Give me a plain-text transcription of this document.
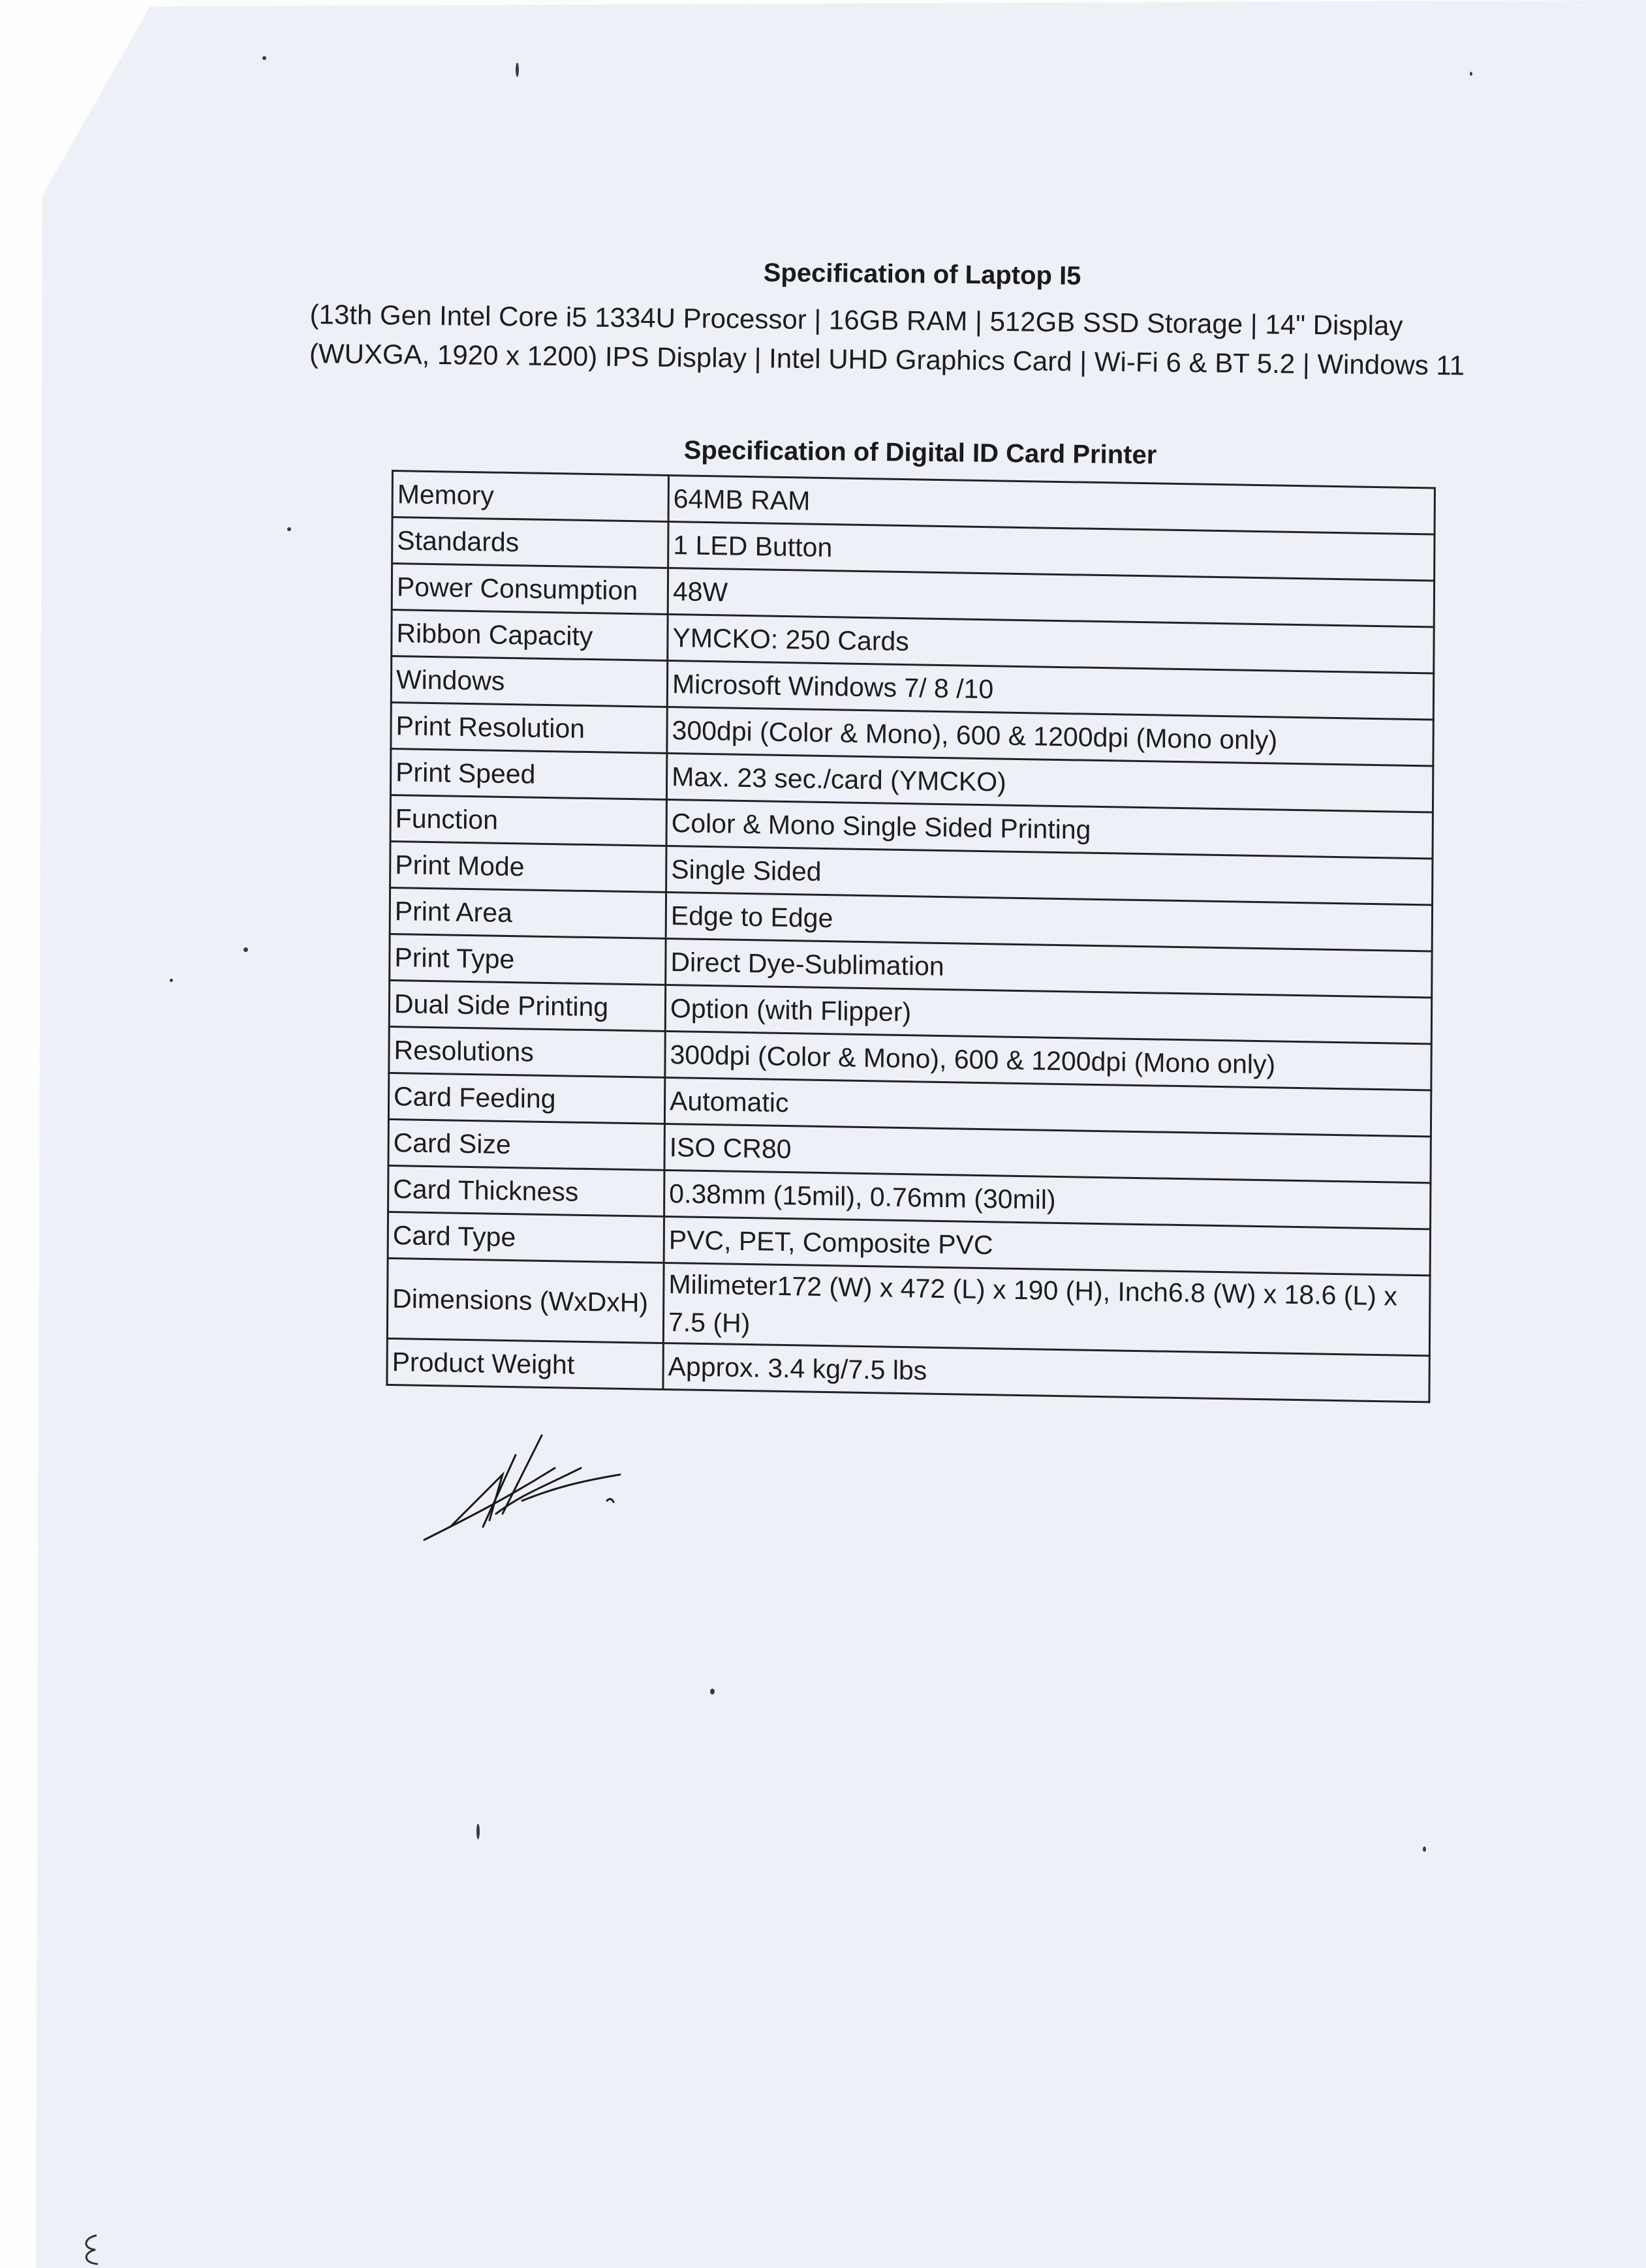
Specification of Laptop I5
(13th Gen Intel Core i5 1334U Processor | 16GB RAM | 512GB SSD Storage | 14" Display (WUXGA, 1920 x 1200) IPS Display | Intel UHD Graphics Card | Wi-Fi 6 & BT 5.2 | Windows 11
Specification of Digital ID Card Printer
Memory	64MB RAM
Standards	1 LED Button
Power Consumption	48W
Ribbon Capacity	YMCKO: 250 Cards
Windows	Microsoft Windows 7/ 8 /10
Print Resolution	300dpi (Color & Mono), 600 & 1200dpi (Mono only)
Print Speed	Max. 23 sec./card (YMCKO)
Function	Color & Mono Single Sided Printing
Print Mode	Single Sided
Print Area	Edge to Edge
Print Type	Direct Dye-Sublimation
Dual Side Printing	Option (with Flipper)
Resolutions	300dpi (Color & Mono), 600 & 1200dpi (Mono only)
Card Feeding	Automatic
Card Size	ISO CR80
Card Thickness	0.38mm (15mil), 0.76mm (30mil)
Card Type	PVC, PET, Composite PVC
Dimensions (WxDxH)	Milimeter172 (W) x 472 (L) x 190 (H), Inch6.8 (W) x 18.6 (L) x 7.5 (H)
Product Weight	Approx. 3.4 kg/7.5 lbs
